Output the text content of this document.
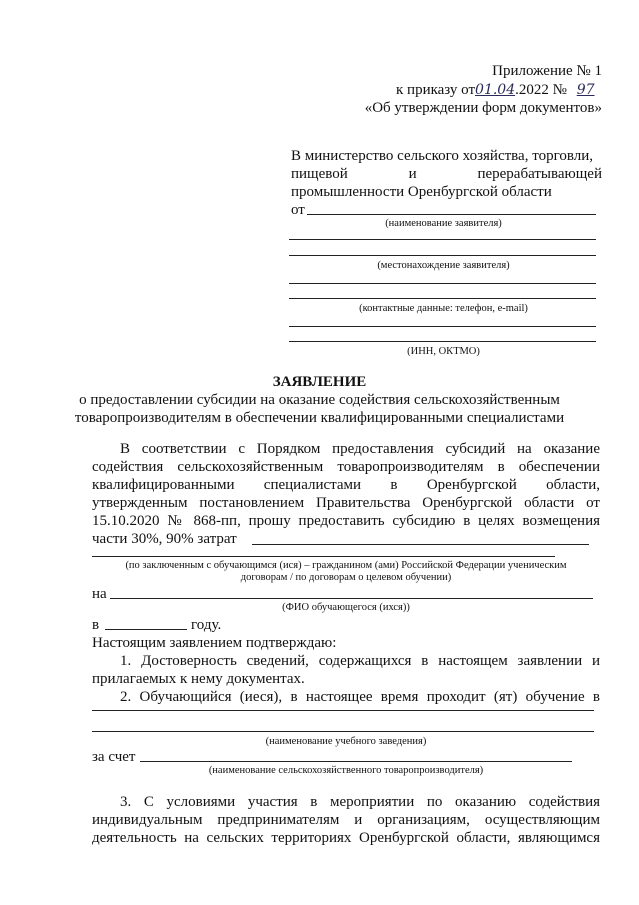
Приложение № 1
к приказу от01.04.2022 № 97
«Об утверждении форм документов»
В министерство сельского хозяйства, торговли,
пищевой	и	перерабатывающей
промышленности Оренбургской области
от
(наименование заявителя)
(местонахождение заявителя)
(контактные данные: телефон, e-mail)
(ИНН, ОКТМО)
ЗАЯВЛЕНИЕ
о предоставлении субсидии на оказание содействия сельскохозяйственным
товаропроизводителям в обеспечении квалифицированными специалистами
В соответствии с Порядком предоставления субсидий на оказание
содействия сельскохозяйственным товаропроизводителям в обеспечении
квалифицированными специалистами в Оренбургской области,
утвержденным постановлением Правительства Оренбургской области от
15.10.2020 № 868-пп, прошу предоставить субсидию в целях возмещения
части 30%, 90% затрат
(по заключенным с обучающимся (иcя) – гражданином (ами) Российской Федерации ученическим
договорам / по договорам о целевом обучении)
на
(ФИО обучающегося (ихся))
в	году.
Настоящим заявлением подтверждаю:
1. Достоверность сведений, содержащихся в настоящем заявлении и
прилагаемых к нему документах.
2. Обучающийся (иеся), в настоящее время проходит (ят) обучение в
(наименование учебного заведения)
за счет
(наименование сельскохозяйственного товаропроизводителя)
3. С условиями участия в мероприятии по оказанию содействия
индивидуальным предпринимателям и организациям, осуществляющим
деятельность на сельских территориях Оренбургской области, являющимся
